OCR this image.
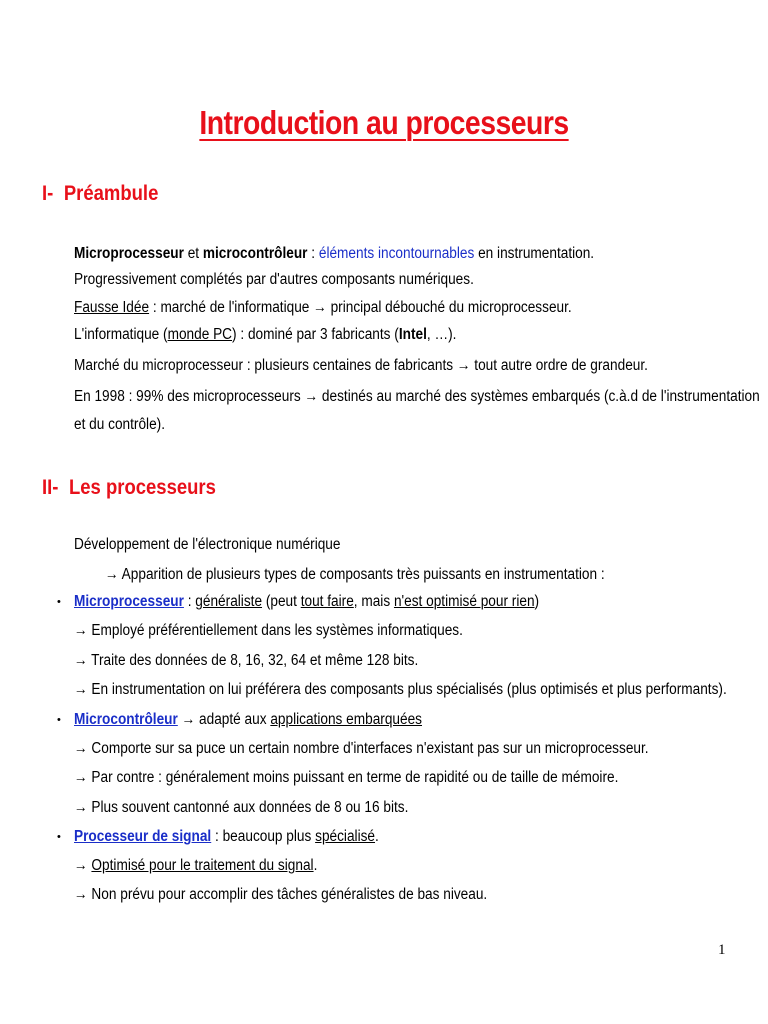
Introduction au processeurs
I- Préambule
Microprocesseur et microcontrôleur : éléments incontournables en instrumentation.
Progressivement complétés par d'autres composants numériques.
Fausse Idée : marché de l'informatique → principal débouché du microprocesseur.
L'informatique (monde PC) : dominé par 3 fabricants (Intel, …).
Marché du microprocesseur : plusieurs centaines de fabricants → tout autre ordre de grandeur.
En 1998 : 99% des microprocesseurs → destinés au marché des systèmes embarqués (c.à.d de l'instrumentation
et du contrôle).
II- Les processeurs
Développement de l'électronique numérique
→ Apparition de plusieurs types de composants très puissants en instrumentation :
• Microprocesseur : généraliste (peut tout faire, mais n'est optimisé pour rien)
→ Employé préférentiellement dans les systèmes informatiques.
→ Traite des données de 8, 16, 32, 64 et même 128 bits.
→ En instrumentation on lui préférera des composants plus spécialisés (plus optimisés et plus performants).
• Microcontrôleur → adapté aux applications embarquées
→ Comporte sur sa puce un certain nombre d'interfaces n'existant pas sur un microprocesseur.
→ Par contre : généralement moins puissant en terme de rapidité ou de taille de mémoire.
→ Plus souvent cantonné aux données de 8 ou 16 bits.
• Processeur de signal : beaucoup plus spécialisé.
→ Optimisé pour le traitement du signal.
→ Non prévu pour accomplir des tâches généralistes de bas niveau.
1
